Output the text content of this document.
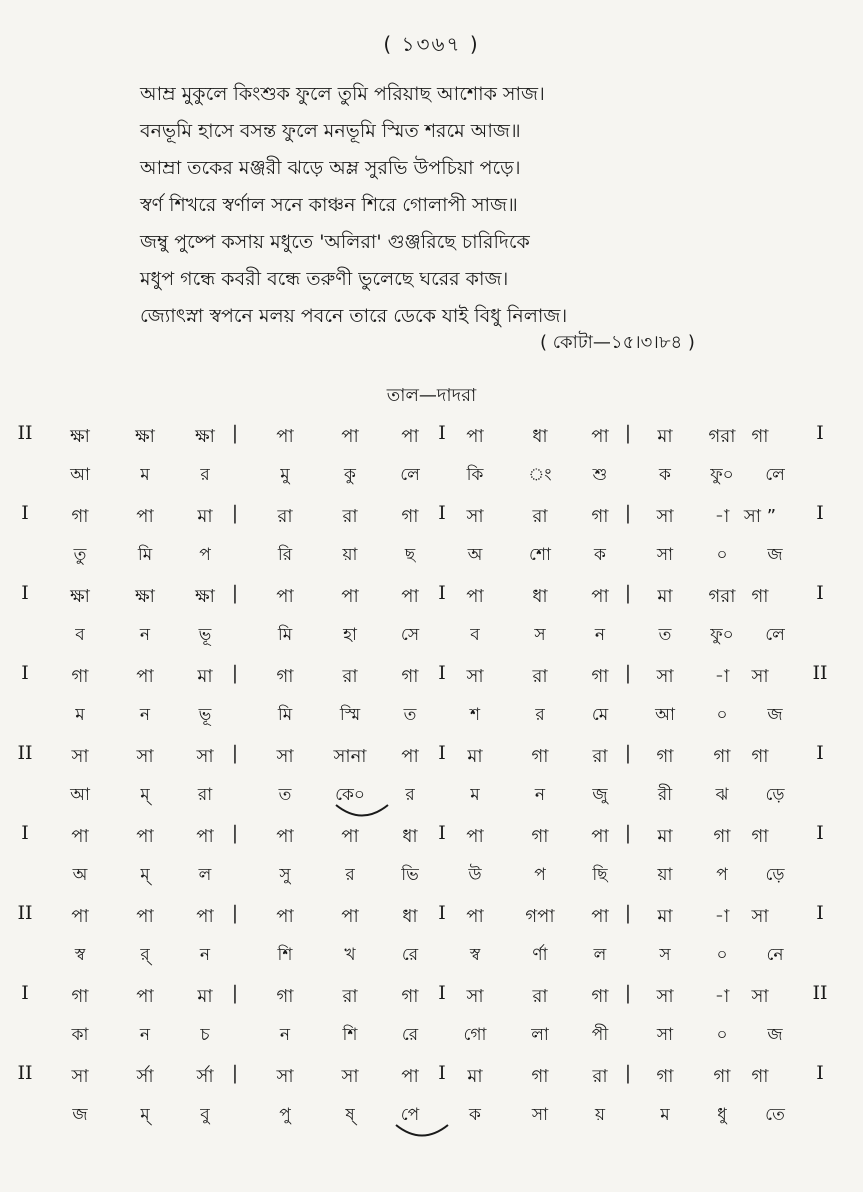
( ১৩৬৭ )
আম্র মুকুলে কিংশুক ফুলে তুমি পরিয়াছ আশোক সাজ।
বনভূমি হাসে বসন্ত ফুলে মনভূমি স্মিত শরমে আজ॥
আম্রা তকের মঞ্জরী ঝড়ে অম্ল সুরভি উপচিয়া পড়ে।
স্বর্ণ শিখরে স্বর্ণাল সনে কাঞ্চন শিরে গোলাপী সাজ॥
জম্বু পুষ্পে কসায় মধুতে 'অলিরা' গুঞ্জরিছে চারিদিকে
মধুপ গন্ধে কবরী বন্ধে তরুণী ভুলেছে ঘরের কাজ।
জ্যোৎস্না স্বপনে মলয় পবনে তারে ডেকে যাই বিধু নিলাজ।
( কোটা—১৫।৩।৮৪ )
তাল—দাদরা
II	ক্ষা	ক্ষা	ক্ষা |	পা	পা	পা	I	পা	ধা	পা |	মা	গরা গা	I
আ	ম	র	মু	কু	লে	কি	ং	শু	ক	ফু০	লে
I	গা	পা	মা	|	রা	রা	গা	I	সা	রা	গা |	সা	-া সা ”	I
তু	মি	প	রি	য়া	ছ	অ	শো	ক	সা	০	জ
I	ক্ষা	ক্ষা	ক্ষা |	পা	পা	পা	I	পা	ধা	পা |	মা	গরা গা	I
ব	ন	ভূ	মি	হা	সে	ব	স	ন	ত	ফু০	লে
I	গা	পা	মা	|	গা	রা	গা	I	সা	রা	গা |	সা	-া	সা	II
ম	ন	ভূ	মি	স্মি	ত	শ	র	মে	আ	০	জ
II	সা	সা	সা |	সা	সানা	পা	I	মা	গা	রা |	গা	গা	গা	I
আ	ম্	রা	ত	কে০	র	ম	ন	জু	রী	ঝ	ড়ে
I	পা	পা	পা |	পা	পা	ধা	I	পা	গা	পা |	মা	গা	গা	I
অ	ম্	ল	সু	র	ভি	উ	প	ছি	য়া	প	ড়ে
II	পা	পা	পা |	পা	পা	ধা	I	পা	গপা	পা |	মা	-া	সা	I
স্ব	র্	ন	শি	খ	রে	স্ব	র্ণা	ল	স	০	নে
I	গা	পা	মা	|	গা	রা	গা	I	সা	রা	গা |	সা	-া	সা	II
কা	ন	চ	ন	শি	রে	গো	লা	পী	সা	০	জ
II	সা	র্সা	র্সা |	সা	সা	পা	I	মা	গা	রা |	গা	গা	গা	I
জ	ম্	বু	পু	ষ্	পে	ক	সা	য়	ম	ধু	তে
